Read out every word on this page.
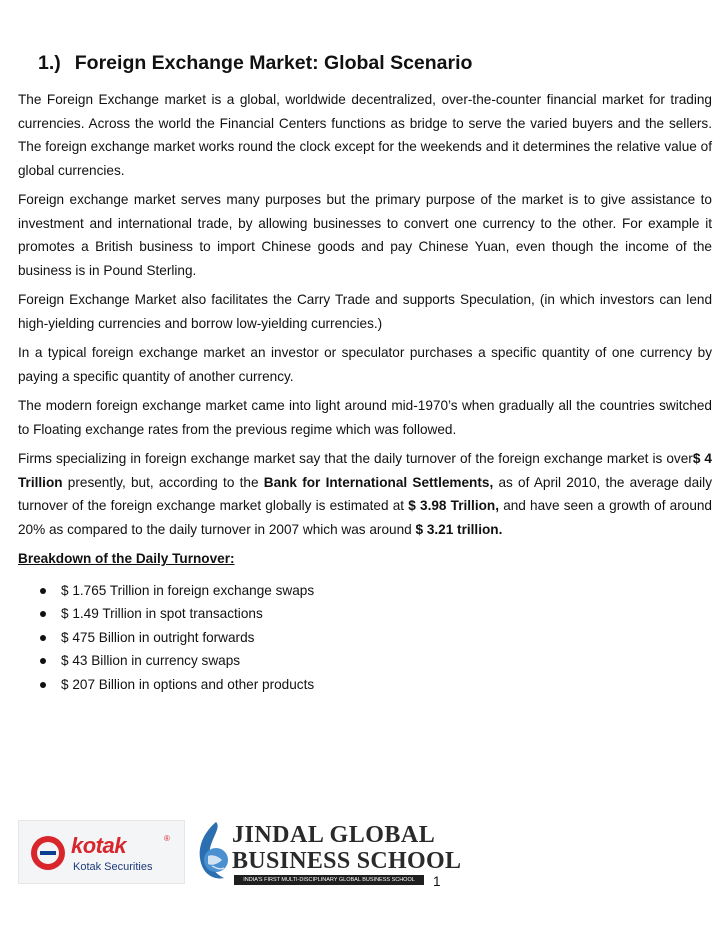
1.) Foreign Exchange Market: Global Scenario

The Foreign Exchange market is a global, worldwide decentralized, over-the-counter financial market for trading currencies. Across the world the Financial Centers functions as bridge to serve the varied buyers and the sellers. The foreign exchange market works round the clock except for the weekends and it determines the relative value of global currencies.

Foreign exchange market serves many purposes but the primary purpose of the market is to give assistance to investment and international trade, by allowing businesses to convert one currency to the other. For example it promotes a British business to import Chinese goods and pay Chinese Yuan, even though the income of the business is in Pound Sterling.

Foreign Exchange Market also facilitates the Carry Trade and supports Speculation, (in which investors can lend high-yielding currencies and borrow low-yielding currencies.)

In a typical foreign exchange market an investor or speculator purchases a specific quantity of one currency by paying a specific quantity of another currency.

The modern foreign exchange market came into light around mid-1970’s when gradually all the countries switched to Floating exchange rates from the previous regime which was followed.

Firms specializing in foreign exchange market say that the daily turnover of the foreign exchange market is over$ 4 Trillion presently, but, according to the Bank for International Settlements, as of April 2010, the average daily turnover of the foreign exchange market globally is estimated at $ 3.98 Trillion, and have seen a growth of around 20% as compared to the daily turnover in 2007 which was around $ 3.21 trillion.

Breakdown of the Daily Turnover:

$ 1.765 Trillion in foreign exchange swaps
$ 1.49 Trillion in spot transactions
$ 475 Billion in outright forwards
$ 43 Billion in currency swaps
$ 207 Billion in options and other products
kotak	®
Kotak Securities
JINDAL GLOBAL
BUSINESS SCHOOL
INDIA'S FIRST MULTI-DISCIPLINARY GLOBAL BUSINESS SCHOOL	1
